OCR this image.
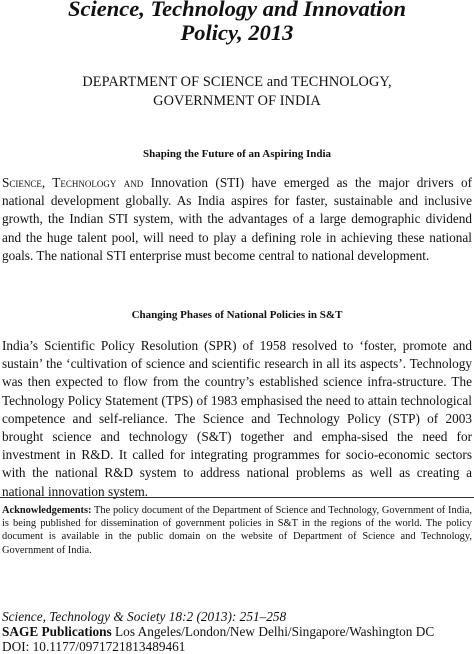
Science, Technology and Innovation
Policy, 2013
DEPARTMENT OF SCIENCE and TECHNOLOGY,
GOVERNMENT OF INDIA
Shaping the Future of an Aspiring India
Science, Technology and Innovation (STI) have emerged as the major drivers of national development globally. As India aspires for faster, sustainable and inclusive growth, the Indian STI system, with the advantages of a large demographic dividend and the huge talent pool, will need to play a defining role in achieving these national goals. The national STI enterprise must become central to national development.
Changing Phases of National Policies in S&T
India’s Scientific Policy Resolution (SPR) of 1958 resolved to ‘foster, promote and sustain’ the ‘cultivation of science and scientific research in all its aspects’. Technology was then expected to flow from the country’s established science infra-structure. The Technology Policy Statement (TPS) of 1983 emphasised the need to attain technological competence and self-reliance. The Science and Technology Policy (STP) of 2003 brought science and technology (S&T) together and empha-sised the need for investment in R&D. It called for integrating programmes for socio-economic sectors with the national R&D system to address national problems as well as creating a national innovation system.
Acknowledgements: The policy document of the Department of Science and Technology, Government of India, is being published for dissemination of government policies in S&T in the regions of the world. The policy document is available in the public domain on the website of Department of Science and Technology, Government of India.
Science, Technology & Society 18:2 (2013): 251–258
SAGE Publications Los Angeles/London/New Delhi/Singapore/Washington DC
DOI: 10.1177/0971721813489461
